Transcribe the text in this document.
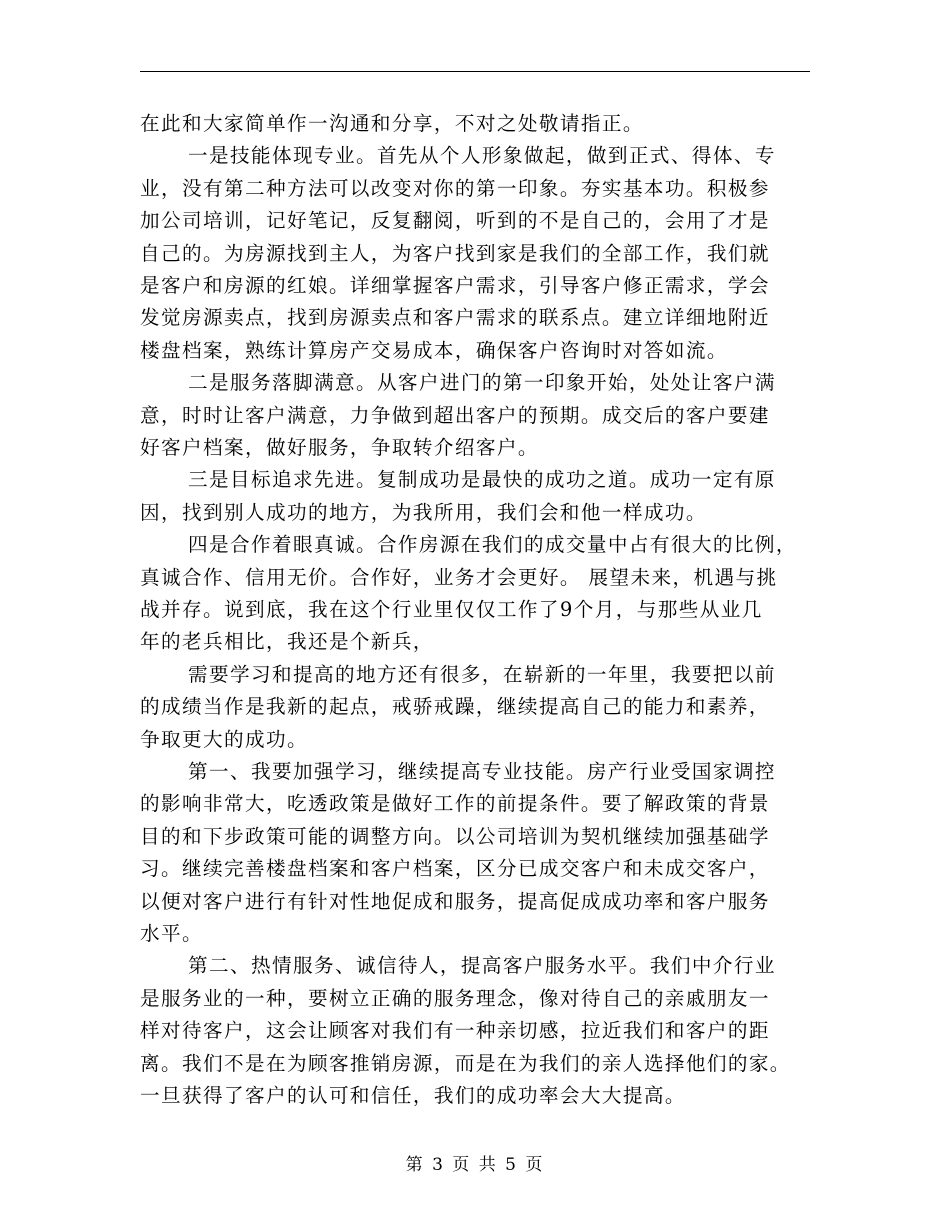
在此和大家简单作一沟通和分享，不对之处敬请指正。
一是技能体现专业。首先从个人形象做起，做到正式、得体、专
业，没有第二种方法可以改变对你的第一印象。夯实基本功。积极参
加公司培训，记好笔记，反复翻阅，听到的不是自己的，会用了才是
自己的。为房源找到主人，为客户找到家是我们的全部工作，我们就
是客户和房源的红娘。详细掌握客户需求，引导客户修正需求，学会
发觉房源卖点，找到房源卖点和客户需求的联系点。建立详细地附近
楼盘档案，熟练计算房产交易成本，确保客户咨询时对答如流。
二是服务落脚满意。从客户进门的第一印象开始，处处让客户满
意，时时让客户满意，力争做到超出客户的预期。成交后的客户要建
好客户档案，做好服务，争取转介绍客户。
三是目标追求先进。复制成功是最快的成功之道。成功一定有原
因，找到别人成功的地方，为我所用，我们会和他一样成功。
四是合作着眼真诚。合作房源在我们的成交量中占有很大的比例，
真诚合作、信用无价。合作好，业务才会更好。 展望未来，机遇与挑
战并存。说到底，我在这个行业里仅仅工作了9个月，与那些从业几
年的老兵相比，我还是个新兵，
需要学习和提高的地方还有很多，在崭新的一年里，我要把以前
的成绩当作是我新的起点，戒骄戒躁，继续提高自己的能力和素养，
争取更大的成功。
第一、我要加强学习，继续提高专业技能。房产行业受国家调控
的影响非常大，吃透政策是做好工作的前提条件。要了解政策的背景
目的和下步政策可能的调整方向。以公司培训为契机继续加强基础学
习。继续完善楼盘档案和客户档案，区分已成交客户和未成交客户，
以便对客户进行有针对性地促成和服务，提高促成成功率和客户服务
水平。
第二、热情服务、诚信待人，提高客户服务水平。我们中介行业
是服务业的一种，要树立正确的服务理念，像对待自己的亲戚朋友一
样对待客户，这会让顾客对我们有一种亲切感，拉近我们和客户的距
离。我们不是在为顾客推销房源，而是在为我们的亲人选择他们的家。
一旦获得了客户的认可和信任，我们的成功率会大大提高。
第 3 页 共 5 页
